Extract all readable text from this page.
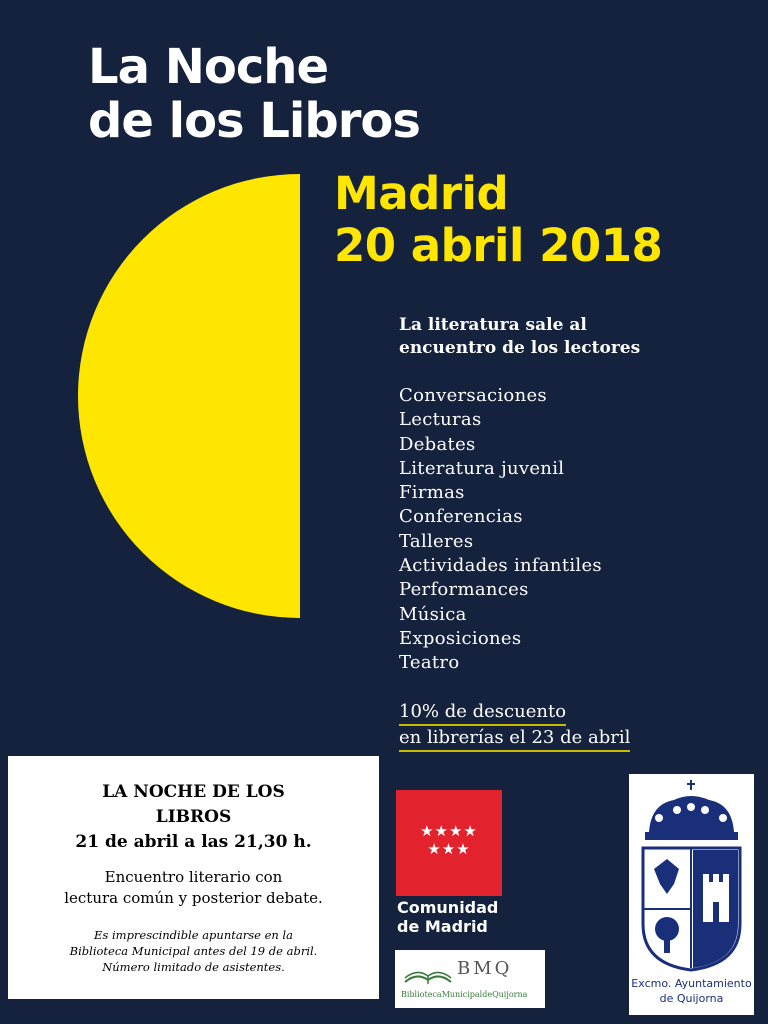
La Noche
de los Libros
Madrid
20 abril 2018
La literatura sale al
encuentro de los lectores
Conversaciones
Lecturas
Debates
Literatura juvenil
Firmas
Conferencias
Talleres
Actividades infantiles
Performances
Música
Exposiciones
Teatro
10% de descuento
en librerías el 23 de abril
LA NOCHE DE LOS
LIBROS
21 de abril a las 21,30 h.
Encuentro literario con
lectura común y posterior debate.
Es imprescindible apuntarse en la
Biblioteca Municipal antes del 19 de abril.
Número limitado de asistentes.
★★★★
★★★
Comunidad
de Madrid
BMQ
BibliotecaMunicipaldeQuijorna
Excmo. Ayuntamiento
de Quijorna
